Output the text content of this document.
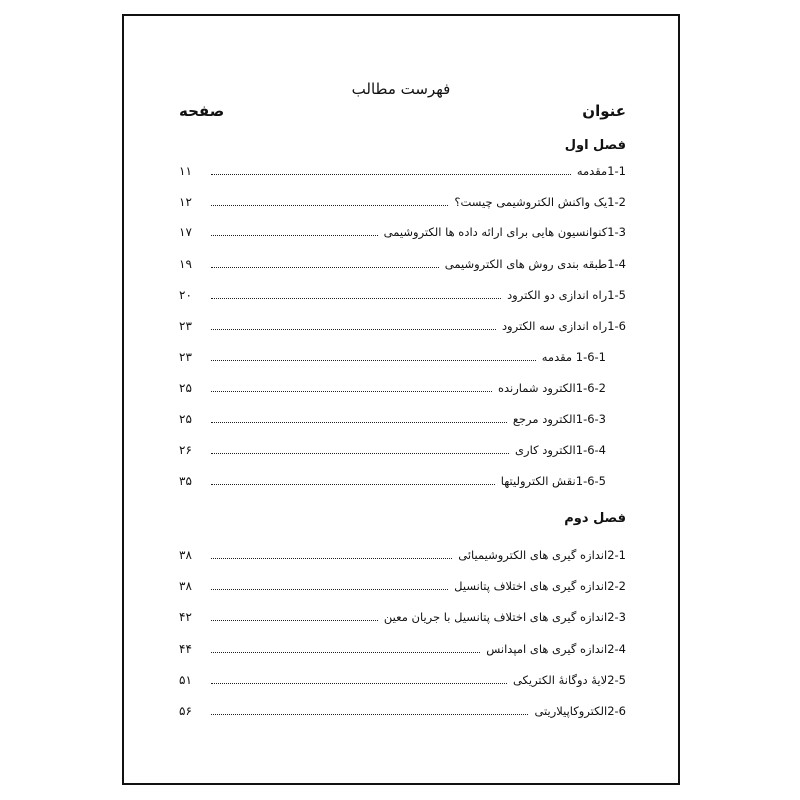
فهرست مطالب
عنوان
صفحه
فصل اول
1-1مقدمه
۱۱
1-2یک واکنش الکتروشیمی چیست؟
۱۲
1-3کنوانسیون هایی برای ارائه داده ها الکتروشیمی
۱۷
1-4طبقه بندی روش های الکتروشیمی
۱۹
1-5راه اندازی دو الکترود
۲۰
1-6راه اندازی سه الکترود
۲۳
1-6-1 مقدمه
۲۳
1-6-2الکترود شمارنده
۲۵
1-6-3الکترود مرجع
۲۵
1-6-4الکترود کاری
۲۶
1-6-5نقش الکترولیتها
۳۵
فصل دوم
2-1اندازه گیری های الکتروشیمیائی
۳۸
2-2اندازه گیری های اختلاف پتانسیل
۳۸
2-3اندازه گیری های اختلاف پتانسیل با جریان معین
۴۲
2-4اندازه گیری های امپدانس
۴۴
2-5لایهٔ دوگانهٔ الکتریکی
۵۱
2-6الکتروکاپیلاریتی
۵۶
